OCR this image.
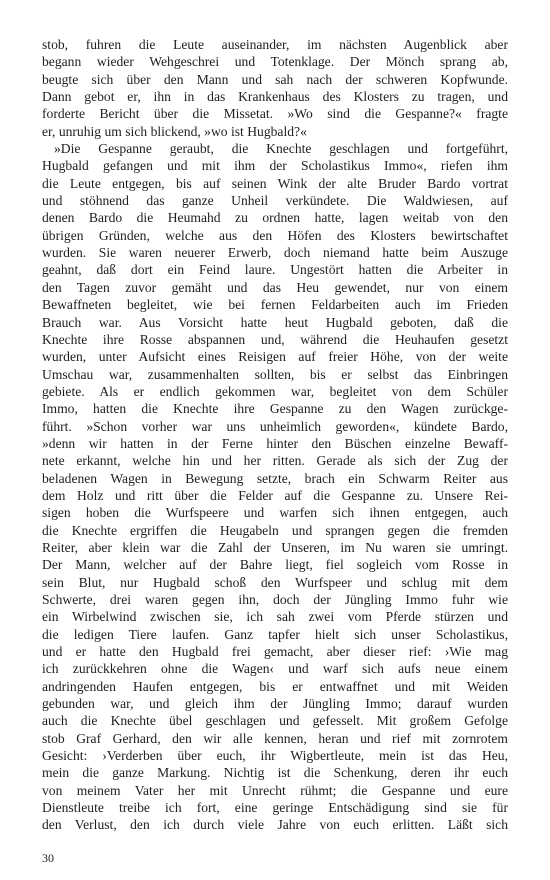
stob, fuhren die Leute auseinander, im nächsten Augenblick aber
begann wieder Wehgeschrei und Totenklage. Der Mönch sprang ab,
beugte sich über den Mann und sah nach der schweren Kopfwunde.
Dann gebot er, ihn in das Krankenhaus des Klosters zu tragen, und
forderte Bericht über die Missetat. »Wo sind die Gespanne?« fragte
er, unruhig um sich blickend, »wo ist Hugbald?«
»Die Gespanne geraubt, die Knechte geschlagen und fortgeführt,
Hugbald gefangen und mit ihm der Scholastikus Immo«, riefen ihm
die Leute entgegen, bis auf seinen Wink der alte Bruder Bardo vortrat
und stöhnend das ganze Unheil verkündete. Die Waldwiesen, auf
denen Bardo die Heumahd zu ordnen hatte, lagen weitab von den
übrigen Gründen, welche aus den Höfen des Klosters bewirtschaftet
wurden. Sie waren neuerer Erwerb, doch niemand hatte beim Auszuge
geahnt, daß dort ein Feind laure. Ungestört hatten die Arbeiter in
den Tagen zuvor gemäht und das Heu gewendet, nur von einem
Bewaffneten begleitet, wie bei fernen Feldarbeiten auch im Frieden
Brauch war. Aus Vorsicht hatte heut Hugbald geboten, daß die
Knechte ihre Rosse abspannen und, während die Heuhaufen gesetzt
wurden, unter Aufsicht eines Reisigen auf freier Höhe, von der weite
Umschau war, zusammenhalten sollten, bis er selbst das Einbringen
gebiete. Als er endlich gekommen war, begleitet von dem Schüler
Immo, hatten die Knechte ihre Gespanne zu den Wagen zurückge-
führt. »Schon vorher war uns unheimlich geworden«, kündete Bardo,
»denn wir hatten in der Ferne hinter den Büschen einzelne Bewaff-
nete erkannt, welche hin und her ritten. Gerade als sich der Zug der
beladenen Wagen in Bewegung setzte, brach ein Schwarm Reiter aus
dem Holz und ritt über die Felder auf die Gespanne zu. Unsere Rei-
sigen hoben die Wurfspeere und warfen sich ihnen entgegen, auch
die Knechte ergriffen die Heugabeln und sprangen gegen die fremden
Reiter, aber klein war die Zahl der Unseren, im Nu waren sie umringt.
Der Mann, welcher auf der Bahre liegt, fiel sogleich vom Rosse in
sein Blut, nur Hugbald schoß den Wurfspeer und schlug mit dem
Schwerte, drei waren gegen ihn, doch der Jüngling Immo fuhr wie
ein Wirbelwind zwischen sie, ich sah zwei vom Pferde stürzen und
die ledigen Tiere laufen. Ganz tapfer hielt sich unser Scholastikus,
und er hatte den Hugbald frei gemacht, aber dieser rief: ›Wie mag
ich zurückkehren ohne die Wagen‹ und warf sich aufs neue einem
andringenden Haufen entgegen, bis er entwaffnet und mit Weiden
gebunden war, und gleich ihm der Jüngling Immo; darauf wurden
auch die Knechte übel geschlagen und gefesselt. Mit großem Gefolge
stob Graf Gerhard, den wir alle kennen, heran und rief mit zornrotem
Gesicht: ›Verderben über euch, ihr Wigbertleute, mein ist das Heu,
mein die ganze Markung. Nichtig ist die Schenkung, deren ihr euch
von meinem Vater her mit Unrecht rühmt; die Gespanne und eure
Dienstleute treibe ich fort, eine geringe Entschädigung sind sie für
den Verlust, den ich durch viele Jahre von euch erlitten. Läßt sich
30
